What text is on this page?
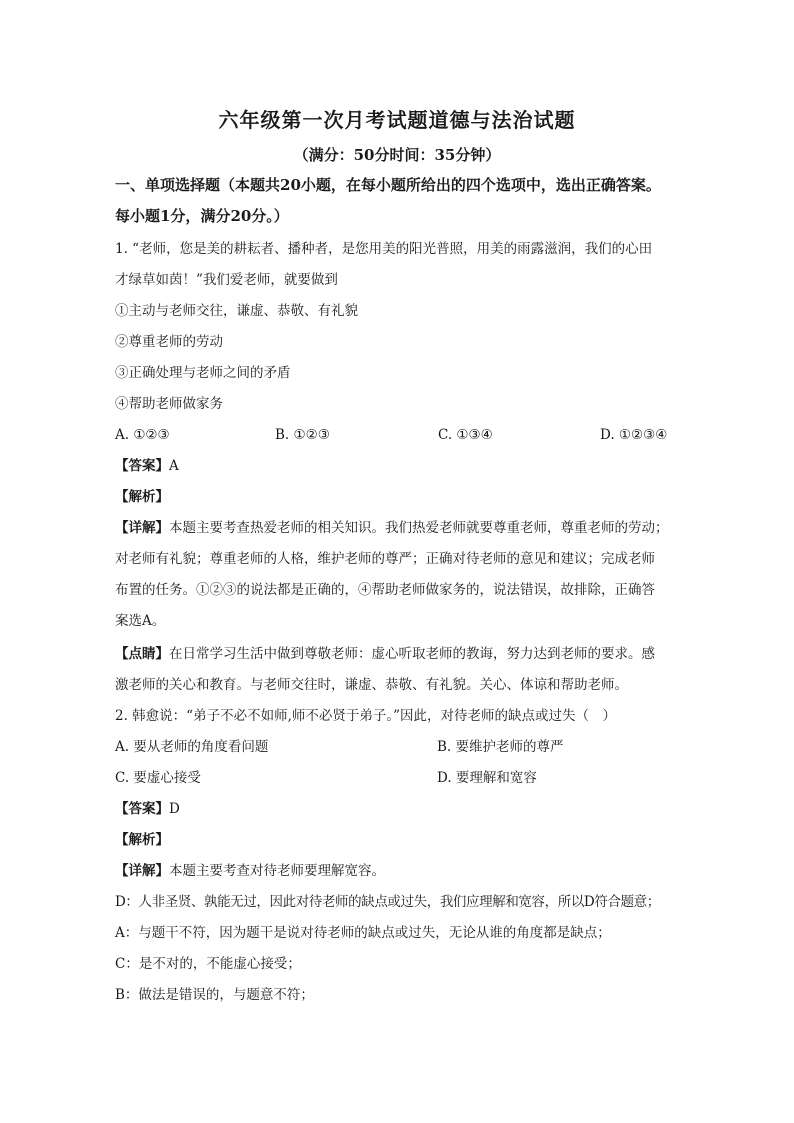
六年级第一次月考试题道德与法治试题
（满分：50分时间：35分钟）
一、单项选择题（本题共20小题，在每小题所给出的四个选项中，选出正确答案。
每小题1分，满分20分。）
1. “老师，您是美的耕耘者、播种者，是您用美的阳光普照，用美的雨露滋润，我们的心田
才绿草如茵！”我们爱老师，就要做到
①主动与老师交往，谦虚、恭敬、有礼貌
②尊重老师的劳动
③正确处理与老师之间的矛盾
④帮助老师做家务
A. ①②③	B. ①②③	C. ①③④	D. ①②③④
【答案】A
【解析】
【详解】本题主要考查热爱老师的相关知识。我们热爱老师就要尊重老师，尊重老师的劳动；
对老师有礼貌；尊重老师的人格，维护老师的尊严；正确对待老师的意见和建议；完成老师
布置的任务。①②③的说法都是正确的，④帮助老师做家务的，说法错误，故排除，正确答
案选A。
【点睛】在日常学习生活中做到尊敬老师：虚心听取老师的教诲，努力达到老师的要求。感
激老师的关心和教育。与老师交往时，谦虚、恭敬、有礼貌。关心、体谅和帮助老师。
2. 韩愈说：“弟子不必不如师,师不必贤于弟子。”因此，对待老师的缺点或过失（　）
A. 要从老师的角度看问题	B. 要维护老师的尊严
C. 要虚心接受	D. 要理解和宽容
【答案】D
【解析】
【详解】本题主要考查对待老师要理解宽容。
D：人非圣贤、孰能无过，因此对待老师的缺点或过失，我们应理解和宽容，所以D符合题意；
A：与题干不符，因为题干是说对待老师的缺点或过失，无论从谁的角度都是缺点；
C：是不对的，不能虚心接受；
B：做法是错误的，与题意不符；
